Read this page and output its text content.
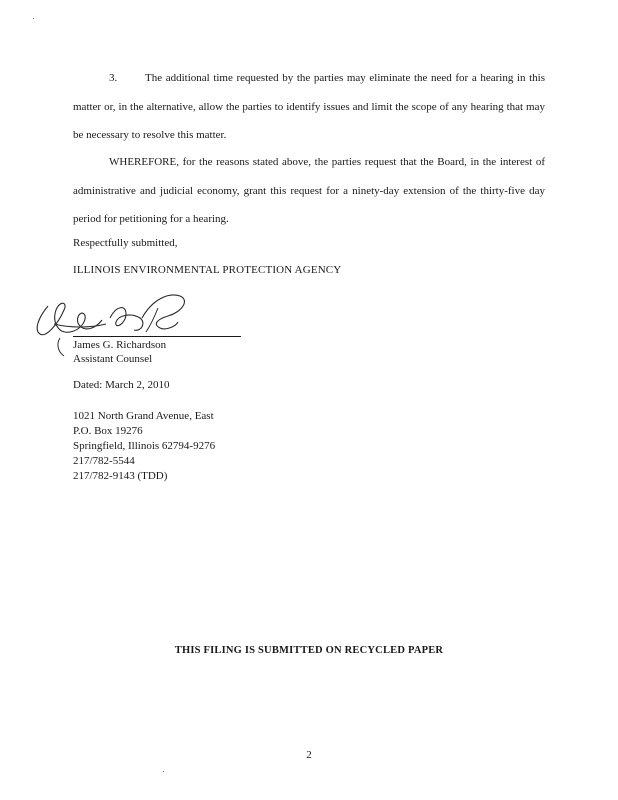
3.	The additional time requested by the parties may eliminate the need for a hearing in this matter or, in the alternative, allow the parties to identify issues and limit the scope of any hearing that may be necessary to resolve this matter.

WHEREFORE, for the reasons stated above, the parties request that the Board, in the interest of administrative and judicial economy, grant this request for a ninety-day extension of the thirty-five day period for petitioning for a hearing.

Respectfully submitted,

ILLINOIS ENVIRONMENTAL PROTECTION AGENCY

James G. Richardson

Assistant Counsel

Dated: March 2, 2010

1021 North Grand Avenue, East
P.O. Box 19276
Springfield, Illinois 62794-9276
217/782-5544
217/782-9143 (TDD)

THIS FILING IS SUBMITTED ON RECYCLED PAPER

2
